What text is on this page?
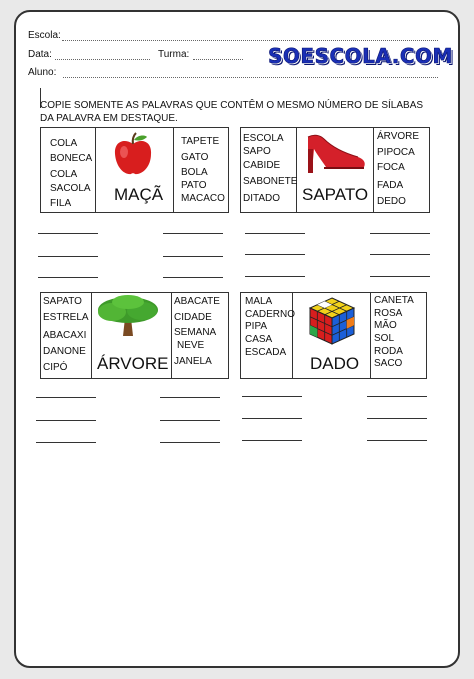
Escola:
Data:	Turma:	SOESCOLA.COM
Aluno:
COPIE SOMENTE AS PALAVRAS QUE CONTÊM O MESMO NÚMERO DE SÍLABAS DA PALAVRA EM DESTAQUE.
COLA
BONECA
COLA
SACOLA
FILA	MAÇÃ
TAPETE
GATO
BOLA
PATO
MACACO
ESCOLA
SAPO
CABIDE
SABONETE
DITADO SAPATO
ÁRVORE
PIPOCA
FOCA
FADA
DEDO
SAPATO
ESTRELA
ABACAXI
DANONE
CIPÓ ÁRVORE
ABACATE
CIDADE
SEMANA
NEVE
JANELA
MALA
CADERNO
PIPA
CASA
ESCADA
DADO
CANETA
ROSA
MÃO
SOL
RODA
SACO
